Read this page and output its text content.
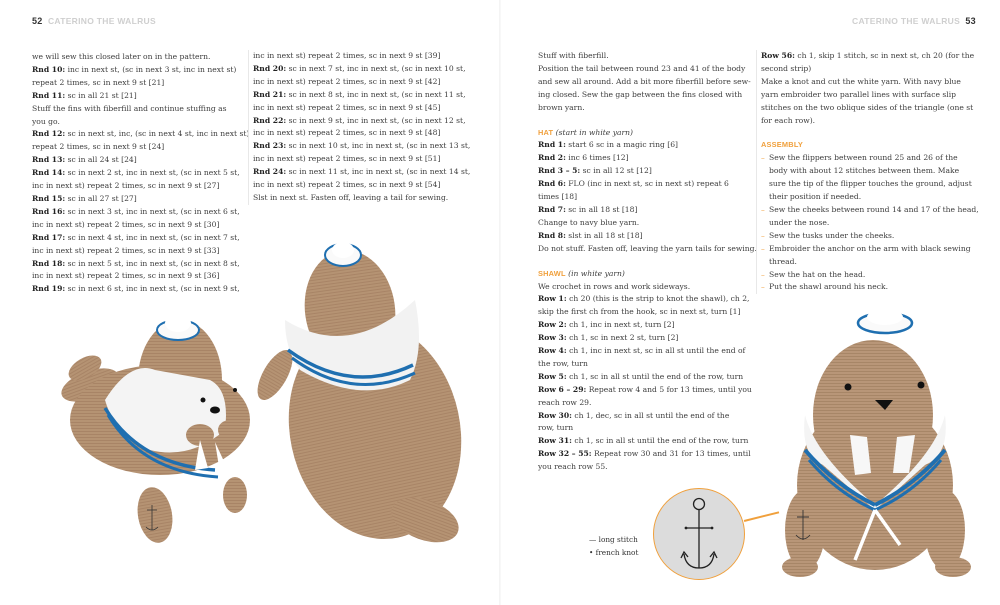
52 CATERINO THE WALRUS
we will sew this closed later on in the pattern.
Rnd 10: inc in next st, (sc in next 3 st, inc in next st)
repeat 2 times, sc in next 9 st [21]
Rnd 11: sc in all 21 st [21]
Stuff the fins with fiberfill and continue stuffing as
you go.
Rnd 12: sc in next st, inc, (sc in next 4 st, inc in next st)
repeat 2 times, sc in next 9 st [24]
Rnd 13: sc in all 24 st [24]
Rnd 14: sc in next 2 st, inc in next st, (sc in next 5 st,
inc in next st) repeat 2 times, sc in next 9 st [27]
Rnd 15: sc in all 27 st [27]
Rnd 16: sc in next 3 st, inc in next st, (sc in next 6 st,
inc in next st) repeat 2 times, sc in next 9 st [30]
Rnd 17: sc in next 4 st, inc in next st, (sc in next 7 st,
inc in next st) repeat 2 times, sc in next 9 st [33]
Rnd 18: sc in next 5 st, inc in next st, (sc in next 8 st,
inc in next st) repeat 2 times, sc in next 9 st [36]
Rnd 19: sc in next 6 st, inc in next st, (sc in next 9 st,
inc in next st) repeat 2 times, sc in next 9 st [39]
Rnd 20: sc in next 7 st, inc in next st, (sc in next 10 st,
inc in next st) repeat 2 times, sc in next 9 st [42]
Rnd 21: sc in next 8 st, inc in next st, (sc in next 11 st,
inc in next st) repeat 2 times, sc in next 9 st [45]
Rnd 22: sc in next 9 st, inc in next st, (sc in next 12 st,
inc in next st) repeat 2 times, sc in next 9 st [48]
Rnd 23: sc in next 10 st, inc in next st, (sc in next 13 st,
inc in next st) repeat 2 times, sc in next 9 st [51]
Rnd 24: sc in next 11 st, inc in next st, (sc in next 14 st,
inc in next st) repeat 2 times, sc in next 9 st [54]
Slst in next st. Fasten off, leaving a tail for sewing.
CATERINO THE WALRUS 53
Stuff with fiberfill.
Position the tail between round 23 and 41 of the body
and sew all around. Add a bit more fiberfill before sew-
ing closed. Sew the gap between the fins closed with
brown yarn.
HAT (start in white yarn)
Rnd 1: start 6 sc in a magic ring [6]
Rnd 2: inc 6 times [12]
Rnd 3 – 5: sc in all 12 st [12]
Rnd 6: FLO (inc in next st, sc in next st) repeat 6
times [18]
Rnd 7: sc in all 18 st [18]
Change to navy blue yarn.
Rnd 8: slst in all 18 st [18]
Do not stuff. Fasten off, leaving the yarn tails for sewing.
SHAWL (in white yarn)
We crochet in rows and work sideways.
Row 1: ch 20 (this is the strip to knot the shawl), ch 2,
skip the first ch from the hook, sc in next st, turn [1]
Row 2: ch 1, inc in next st, turn [2]
Row 3: ch 1, sc in next 2 st, turn [2]
Row 4: ch 1, inc in next st, sc in all st until the end of
the row, turn
Row 5: ch 1, sc in all st until the end of the row, turn
Row 6 – 29: Repeat row 4 and 5 for 13 times, until you
reach row 29.
Row 30: ch 1, dec, sc in all st until the end of the
row, turn
Row 31: ch 1, sc in all st until the end of the row, turn
Row 32 – 55: Repeat row 30 and 31 for 13 times, until
you reach row 55.
Row 56: ch 1, skip 1 stitch, sc in next st, ch 20 (for the
second strip)
Make a knot and cut the white yarn. With navy blue
yarn embroider two parallel lines with surface slip
stitches on the two oblique sides of the triangle (one st
for each row).
ASSEMBLY
– Sew the flippers between round 25 and 26 of the
body with about 12 stitches between them. Make
sure the tip of the flipper touches the ground, adjust
their position if needed.
– Sew the cheeks between round 14 and 17 of the head,
under the nose.
– Sew the tusks under the cheeks.
– Embroider the anchor on the arm with black sewing
thread.
– Sew the hat on the head.
– Put the shawl around his neck.
— long stitch
• french knot
